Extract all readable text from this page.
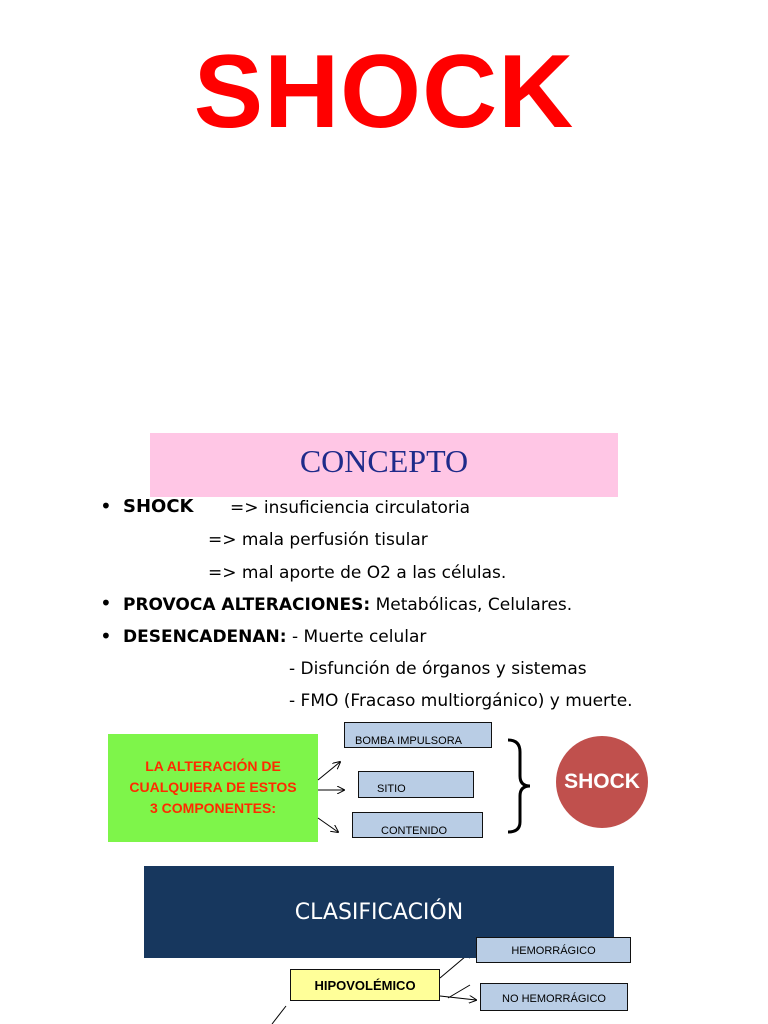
SHOCK
CONCEPTO
• SHOCK => insuficiencia circulatoria
=> mala perfusión tisular
=> mal aporte de O2 a las células.
• PROVOCA ALTERACIONES: Metabólicas, Celulares.
• DESENCADENAN: - Muerte celular
- Disfunción de órganos y sistemas
- FMO (Fracaso multiorgánico) y muerte.
LA ALTERACIÓN DE
CUALQUIERA DE ESTOS
3 COMPONENTES:
BOMBA IMPULSORA
SITIO
CONTENIDO
SHOCK
CLASIFICACIÓN
HIPOVOLÉMICO
HEMORRÁGICO
NO HEMORRÁGICO
